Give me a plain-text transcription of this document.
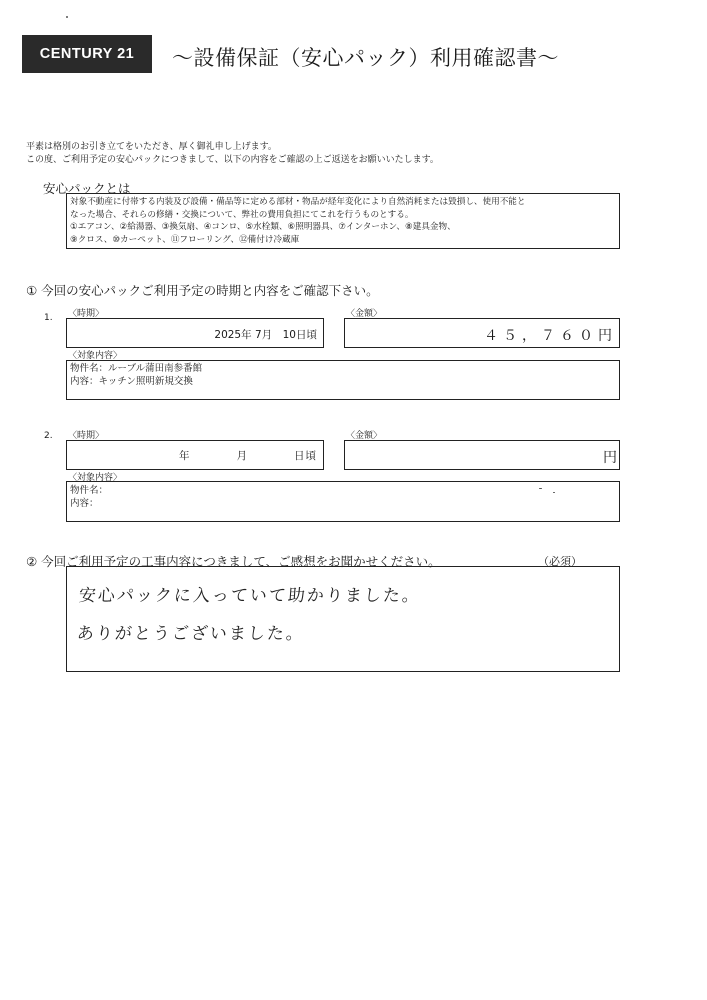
CENTURY 21 ～設備保証（安心パック）利用確認書～
平素は格別のお引き立てをいただき、厚く御礼申し上げます。
この度、ご利用予定の安心パックにつきまして、以下の内容をご確認の上ご返送をお願いいたします。
安心パックとは
対象不動産に付帯する内装及び設備・備品等に定める部材・物品が経年変化により自然消耗または毀損し、使用不能と
なった場合、それらの修繕・交換について、弊社の費用負担にてこれを行うものとする。
①エアコン、②給湯器、③換気扇、④コンロ、⑤水栓類、⑥照明器具、⑦インターホン、⑧建具金物、
⑨クロス、⑩カーペット、⑪フローリング、⑫備付け冷蔵庫
① 今回の安心パックご利用予定の時期と内容をご確認下さい。
1. 〈時期〉
2025年 7月　10日頃
〈金額〉
４５，７６０円
〈対象内容〉
物件名：ルーブル蒲田南参番館
内容：キッチン照明新規交換
2. 〈時期〉
年　　　　月　　　　日頃
〈金額〉
円
〈対象内容〉
物件名：
内容：
② 今回ご利用予定の工事内容につきまして、ご感想をお聞かせください。	（必須）
安心パックに入っていて助かりました。
ありがとうございました。
